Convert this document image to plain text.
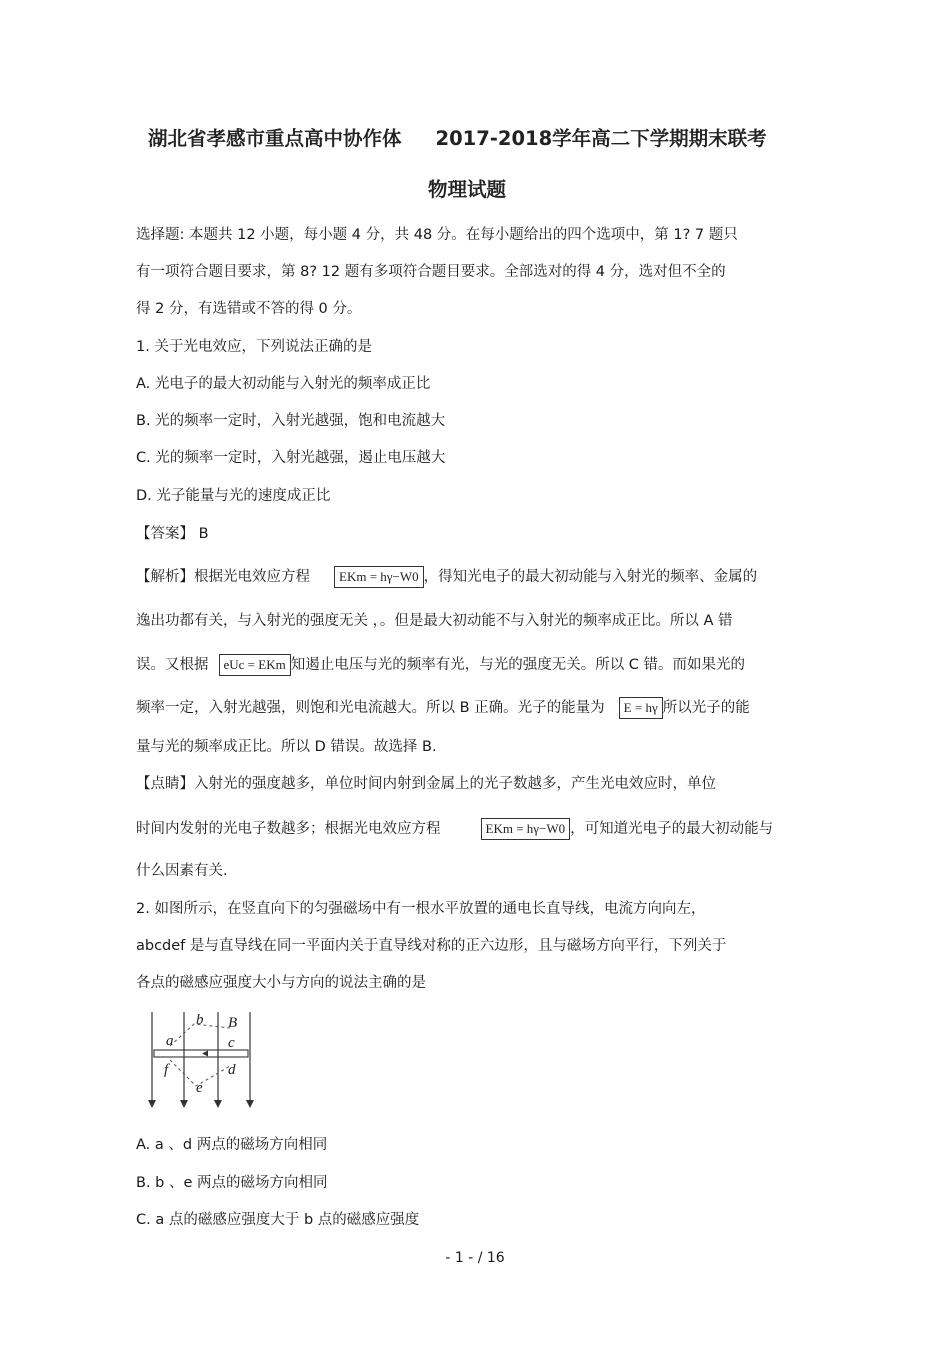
湖北省孝感市重点高中协作体 2017-2018学年高二下学期期末联考
物理试题
选择题: 本题共 12 小题，每小题 4 分，共 48 分。在每小题给出的四个选项中，第 1? 7 题只
有一项符合题目要求，第 8? 12 题有多项符合题目要求。全部选对的得 4 分，选对但不全的
得 2 分，有选错或不答的得 0 分。
1. 关于光电效应，下列说法正确的是
A. 光电子的最大初动能与入射光的频率成正比
B. 光的频率一定时，入射光越强，饱和电流越大
C. 光的频率一定时，入射光越强，遏止电压越大
D. 光子能量与光的速度成正比
【答案】 B
【解析】根据光电效应方程 EKm = hγ−W0 ，得知光电子的最大初动能与入射光的频率、金属的
逸出功都有关，与入射光的强度无关 ，。但是最大初动能不与入射光的频率成正比。所以 A 错
误。又根据 eUc = EKm 知遏止电压与光的频率有光，与光的强度无关。所以 C 错。而如果光的
频率一定，入射光越强，则饱和光电流越大。所以 B 正确。光子的能量为 E = hγ 所以光子的能
量与光的频率成正比。所以 D 错误。故选择 B.
【点睛】入射光的强度越多，单位时间内射到金属上的光子数越多，产生光电效应时，单位
时间内发射的光电子数越多；根据光电效应方程	EKm = hγ−W0 ，可知道光电子的最大初动能与
什么因素有关.
2. 如图所示，在竖直向下的匀强磁场中有一根水平放置的通电长直导线，电流方向向左，
abcdef 是与直导线在同一平面内关于直导线对称的正六边形，且与磁场方向平行，下列关于
各点的磁感应强度大小与方向的说法主确的是
a
b B
c
f	d
e
A. a 、d 两点的磁场方向相同
B. b 、e 两点的磁场方向相同
C. a 点的磁感应强度大于 b 点的磁感应强度
- 1 - / 16
